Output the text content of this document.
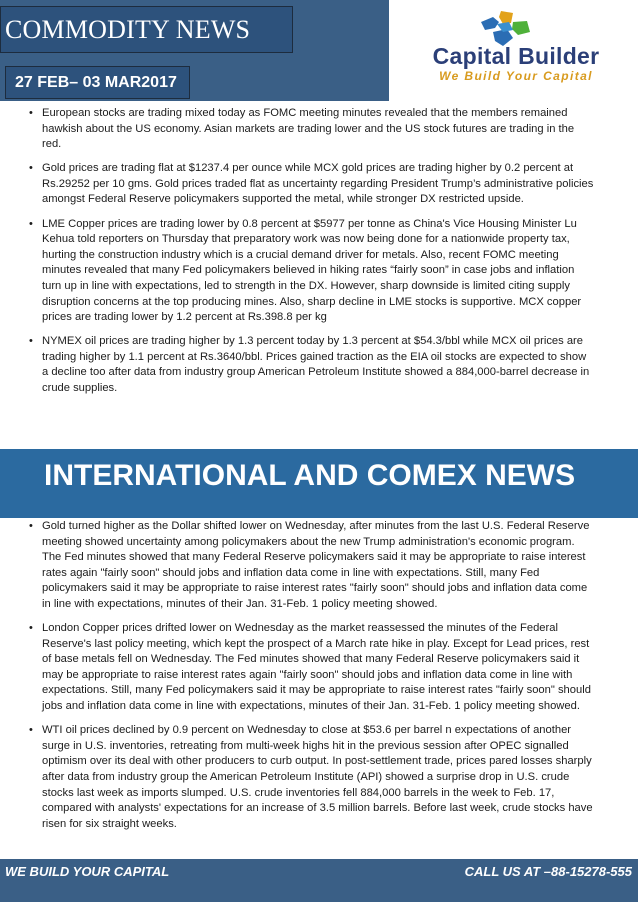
COMMODITY NEWS
27 FEB– 03 MAR2017
Capital Builder
We Build Your Capital
• European stocks are trading mixed today as FOMC meeting minutes revealed that the members remained hawkish about the US economy. Asian markets are trading lower and the US stock futures are trading in the red.
• Gold prices are trading flat at $1237.4 per ounce while MCX gold prices are trading higher by 0.2 percent at Rs.29252 per 10 gms. Gold prices traded flat as uncertainty regarding President Trump’s administrative policies amongst Federal Reserve policymakers supported the metal, while stronger DX restricted upside.
• LME Copper prices are trading lower by 0.8 percent at $5977 per tonne as China's Vice Housing Minister Lu Kehua told reporters on Thursday that preparatory work was now being done for a nationwide property tax, hurting the construction industry which is a crucial demand driver for metals. Also, recent FOMC meeting minutes revealed that many Fed policymakers believed in hiking rates “fairly soon” in case jobs and inflation turn up in line with expectations, led to strength in the DX. However, sharp downside is limited citing supply disruption concerns at the top producing mines. Also, sharp decline in LME stocks is supportive. MCX copper prices are trading lower by 1.2 percent at Rs.398.8 per kg
• NYMEX oil prices are trading higher by 1.3 percent today by 1.3 percent at $54.3/bbl while MCX oil prices are trading higher by 1.1 percent at Rs.3640/bbl. Prices gained traction as the EIA oil stocks are expected to show a decline too after data from industry group American Petroleum Institute showed a 884,000-barrel decrease in crude supplies.
INTERNATIONAL AND COMEX NEWS
• Gold turned higher as the Dollar shifted lower on Wednesday, after minutes from the last U.S. Federal Reserve meeting showed uncertainty among policymakers about the new Trump administration's economic program. The Fed minutes showed that many Federal Reserve policymakers said it may be appropriate to raise interest rates again "fairly soon" should jobs and inflation data come in line with expectations. Still, many Fed policymakers said it may be appropriate to raise interest rates "fairly soon" should jobs and inflation data come in line with expectations, minutes of their Jan. 31-Feb. 1 policy meeting showed.
• London Copper prices drifted lower on Wednesday as the market reassessed the minutes of the Federal Reserve's last policy meeting, which kept the prospect of a March rate hike in play. Except for Lead prices, rest of base metals fell on Wednesday. The Fed minutes showed that many Federal Reserve policymakers said it may be appropriate to raise interest rates again "fairly soon" should jobs and inflation data come in line with expectations. Still, many Fed policymakers said it may be appropriate to raise interest rates "fairly soon" should jobs and inflation data come in line with expectations, minutes of their Jan. 31-Feb. 1 policy meeting showed.
• WTI oil prices declined by 0.9 percent on Wednesday to close at $53.6 per barrel n expectations of another surge in U.S. inventories, retreating from multi-week highs hit in the previous session after OPEC signalled optimism over its deal with other producers to curb output. In post-settlement trade, prices pared losses sharply after data from industry group the American Petroleum Institute (API) showed a surprise drop in U.S. crude stocks last week as imports slumped. U.S. crude inventories fell 884,000 barrels in the week to Feb. 17, compared with analysts' expectations for an increase of 3.5 million barrels. Before last week, crude stocks have risen for six straight weeks.
WE BUILD YOUR CAPITAL	CALL US AT –88-15278-555
